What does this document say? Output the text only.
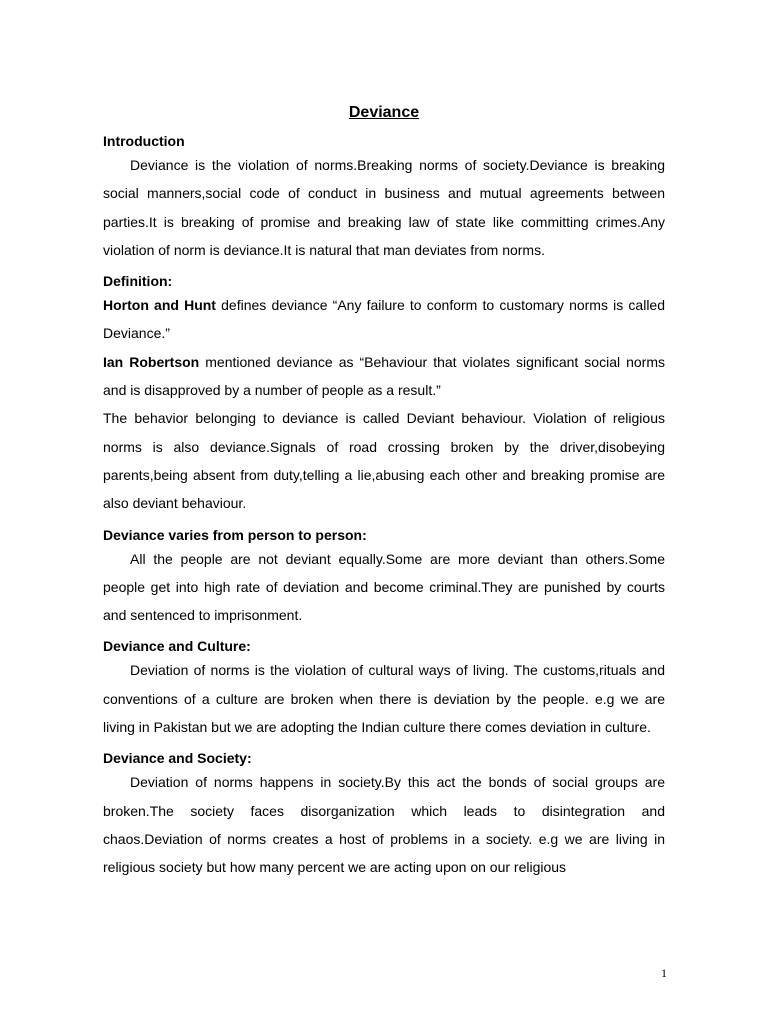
Deviance
Introduction

Deviance is the violation of norms.Breaking norms of society.Deviance is breaking social manners,social code of conduct in business and mutual agreements between parties.It is breaking of promise and breaking law of state like committing crimes.Any violation of norm is deviance.It is natural that man deviates from norms.

Definition:

Horton and Hunt defines deviance “Any failure to conform to customary norms is called Deviance.”

Ian Robertson mentioned deviance as “Behaviour that violates significant social norms and is disapproved by a number of people as a result.”

The behavior belonging to deviance is called Deviant behaviour. Violation of religious norms is also deviance.Signals of road crossing broken by the driver,disobeying parents,being absent from duty,telling a lie,abusing each other and breaking promise are also deviant behaviour.

Deviance varies from person to person:

All the people are not deviant equally.Some are more deviant than others.Some people get into high rate of deviation and become criminal.They are punished by courts and sentenced to imprisonment.

Deviance and Culture:

Deviation of norms is the violation of cultural ways of living. The customs,rituals and conventions of a culture are broken when there is deviation by the people. e.g we are living in Pakistan but we are adopting the Indian culture there comes deviation in culture.

Deviance and Society:

Deviation of norms happens in society.By this act the bonds of social groups are broken.The society faces disorganization which leads to disintegration and chaos.Deviation of norms creates a host of problems in a society. e.g we are living in religious society but how many percent we are acting upon on our religious

1
